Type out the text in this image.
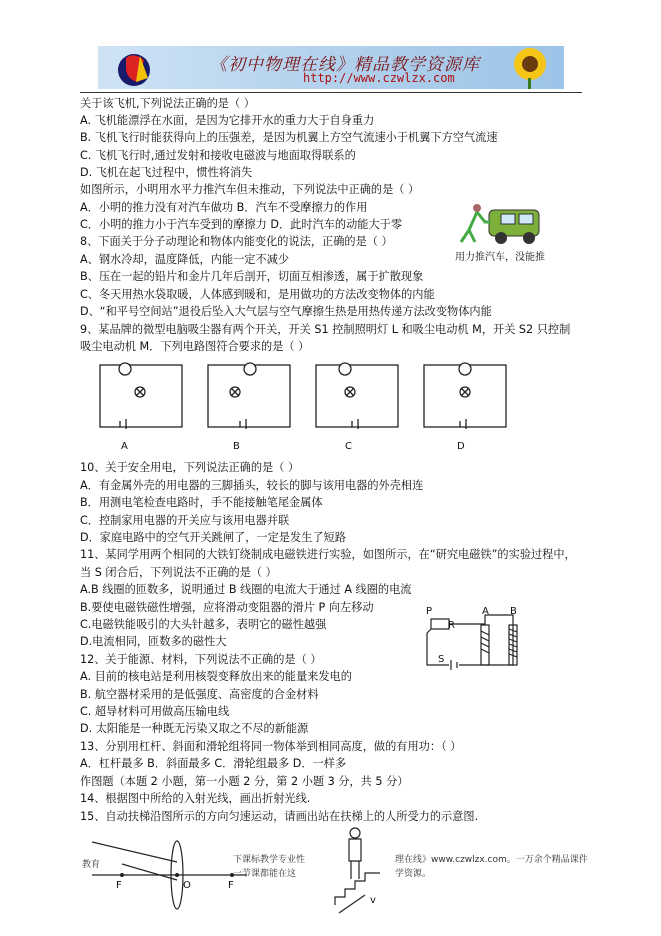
《初中物理在线》精品教学资源库
http://www.czwlzx.com
关于该飞机,下列说法正确的是（ ）
A. 飞机能漂浮在水面，是因为它排开水的重力大于自身重力
B. 飞机飞行时能获得向上的压强差，是因为机翼上方空气流速小于机翼下方空气流速
C. 飞机飞行时,通过发射和接收电磁波与地面取得联系的
D. 飞机在起飞过程中，惯性将消失
如图所示，小明用水平力推汽车但未推动，下列说法中正确的是（ ）
A．小明的推力没有对汽车做功 B．汽车不受摩擦力的作用
C．小明的推力小于汽车受到的摩擦力 D．此时汽车的动能大于零
8、下面关于分子动理论和物体内能变化的说法，正确的是（ ）
A、钢水冷却，温度降低，内能一定不减少
B、压在一起的铅片和金片几年后剖开，切面互相渗透，属于扩散现象
C、冬天用热水袋取暖，人体感到暖和，是用做功的方法改变物体的内能
D、“和平号空间站”退役后坠入大气层与空气摩擦生热是用热传递方法改变物体内能
9、某品牌的微型电脑吸尘器有两个开关，开关 S1 控制照明灯 L 和吸尘电动机 M，开关 S2 只控制
吸尘电动机 M．下列电路图符合要求的是（ ）
用力推汽车，没能推
A	B	C	D
10、关于安全用电，下列说法正确的是（ ）
A．有金属外壳的用电器的三脚插头，较长的脚与该用电器的外壳相连
B．用测电笔检查电路时，手不能接触笔尾金属体
C．控制家用电器的开关应与该用电器并联
D．家庭电路中的空气开关跳闸了，一定是发生了短路
11、某同学用两个相同的大铁钉绕制成电磁铁进行实验，如图所示，在“研究电磁铁”的实验过程中，
当 S 闭合后，下列说法不正确的是（ ）
A.B 线圈的匝数多，说明通过 B 线圈的电流大于通过 A 线圈的电流
B.要使电磁铁磁性增强，应将滑动变阻器的滑片 P 向左移动
C.电磁铁能吸引的大头针越多，表明它的磁性越强
D.电流相同，匝数多的磁性大
P
R
A B
S
12、关于能源、材料，下列说法不正确的是（ ）
A. 目前的核电站是利用核裂变释放出来的能量来发电的
B. 航空器材采用的是低强度、高密度的合金材料
C. 超导材料可用做高压输电线
D. 太阳能是一种既无污染又取之不尽的新能源
13、分别用杠杆、斜面和滑轮组将同一物体举到相同高度，做的有用功：（ ）
A．杠杆最多 B．斜面最多 C．滑轮组最多 D．一样多
作图题（本题 2 小题，第一小题 2 分，第 2 小题 3 分，共 5 分）
14、根据图中所给的入射光线，画出折射光线.
15、自动扶梯沿图所示的方向匀速运动，请画出站在扶梯上的人所受力的示意图.
F	O	F
v
教育	下课标教学专业性
一节课都能在这
理在线》www.czwlzx.com。一万余个精品课件
学资源。
